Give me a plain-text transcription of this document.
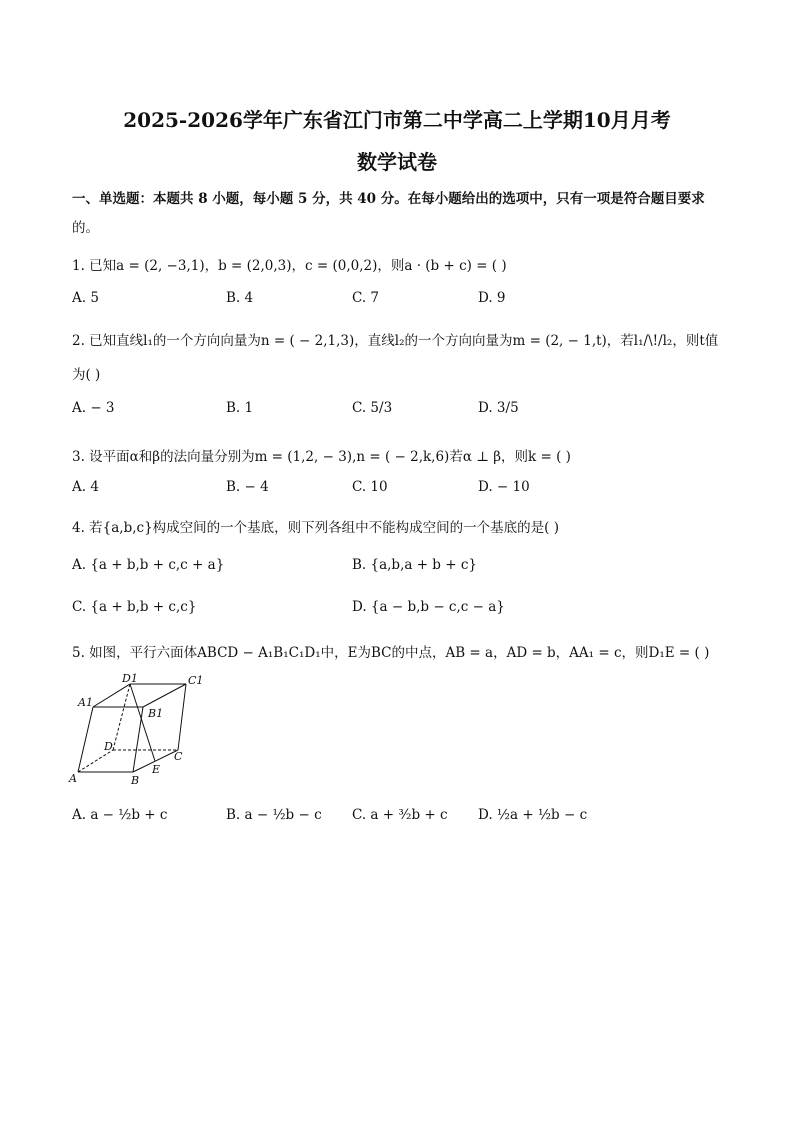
2025-2026学年广东省江门市第二中学高二上学期10月月考
数学试卷
一、单选题：本题共 8 小题，每小题 5 分，共 40 分。在每小题给出的选项中，只有一项是符合题目要求
的。
1. 已知a = (2, −3,1)，b = (2,0,3)，c = (0,0,2)，则a · (b + c) = ( )
A. 5	B. 4	C. 7	D. 9
2. 已知直线l₁的一个方向向量为n = ( − 2,1,3)，直线l₂的一个方向向量为m = (2, − 1,t)，若l₁/\!/l₂，则t值
为( )
A. − 3	B. 1	C. 5/3	D. 3/5
3. 设平面α和β的法向量分别为m = (1,2, − 3),n = ( − 2,k,6)若α ⊥ β，则k = ( )
A. 4	B. − 4	C. 10	D. − 10
4. 若{a,b,c}构成空间的一个基底，则下列各组中不能构成空间的一个基底的是( )
A. {a + b,b + c,c + a}	B. {a,b,a + b + c}
C. {a + b,b + c,c}	D. {a − b,b − c,c − a}
5. 如图，平行六面体ABCD − A₁B₁C₁D₁中，E为BC的中点，AB = a，AD = b，AA₁ = c，则D₁E = ( )
D1	C1
A1
B1
D
C
A	B
E
A. a − ½b + c	B. a − ½b − c C. a + ³⁄₂b + c D. ½a + ½b − c
